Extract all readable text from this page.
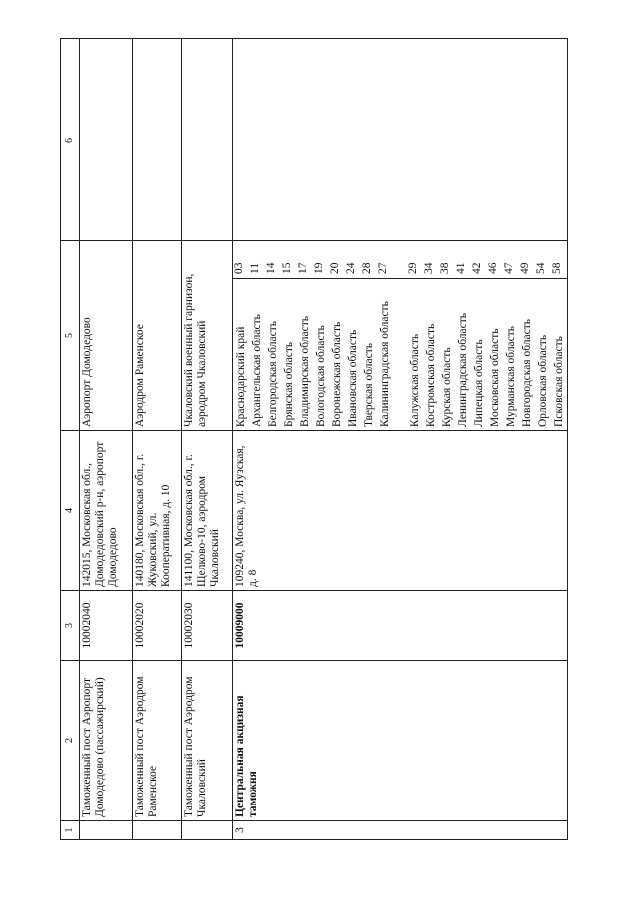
1
2
3
4
5
6
Таможенный пост Аэропорт Домодедово (пассажирский)
10002040
142015, Московская обл., Домодедовский р-н, аэропорт Домодедово
Аэропорт Домодедово
Таможенный пост Аэродром Раменское
10002020
140180, Московская обл., г. Жуковский, ул. Кооперативная, д. 10
Аэродром Раменское
Таможенный пост Аэродром Чкаловский
10002030
141100, Московская обл., г. Щелково-10, аэродром Чкаловский
Чкаловский военный гарнизон, аэродром Чкаловский
3
Центральная акцизная таможня
10009000
109240, Москва, ул. Яузская, д. 8
Краснодарский край
03
Архангельская область
11
Белгородская область
14
Брянская область
15
Владимирская область
17
Вологодская область
19
Воронежская область
20
Ивановская область
24
Тверская область
28
Калининградская область
27
Калужская область
29
Костромская область
34
Курская область
38
Ленинградская область
41
Липецкая область
42
Московская область
46
Мурманская область
47
Новгородская область
49
Орловская область
54
Псковская область
58
